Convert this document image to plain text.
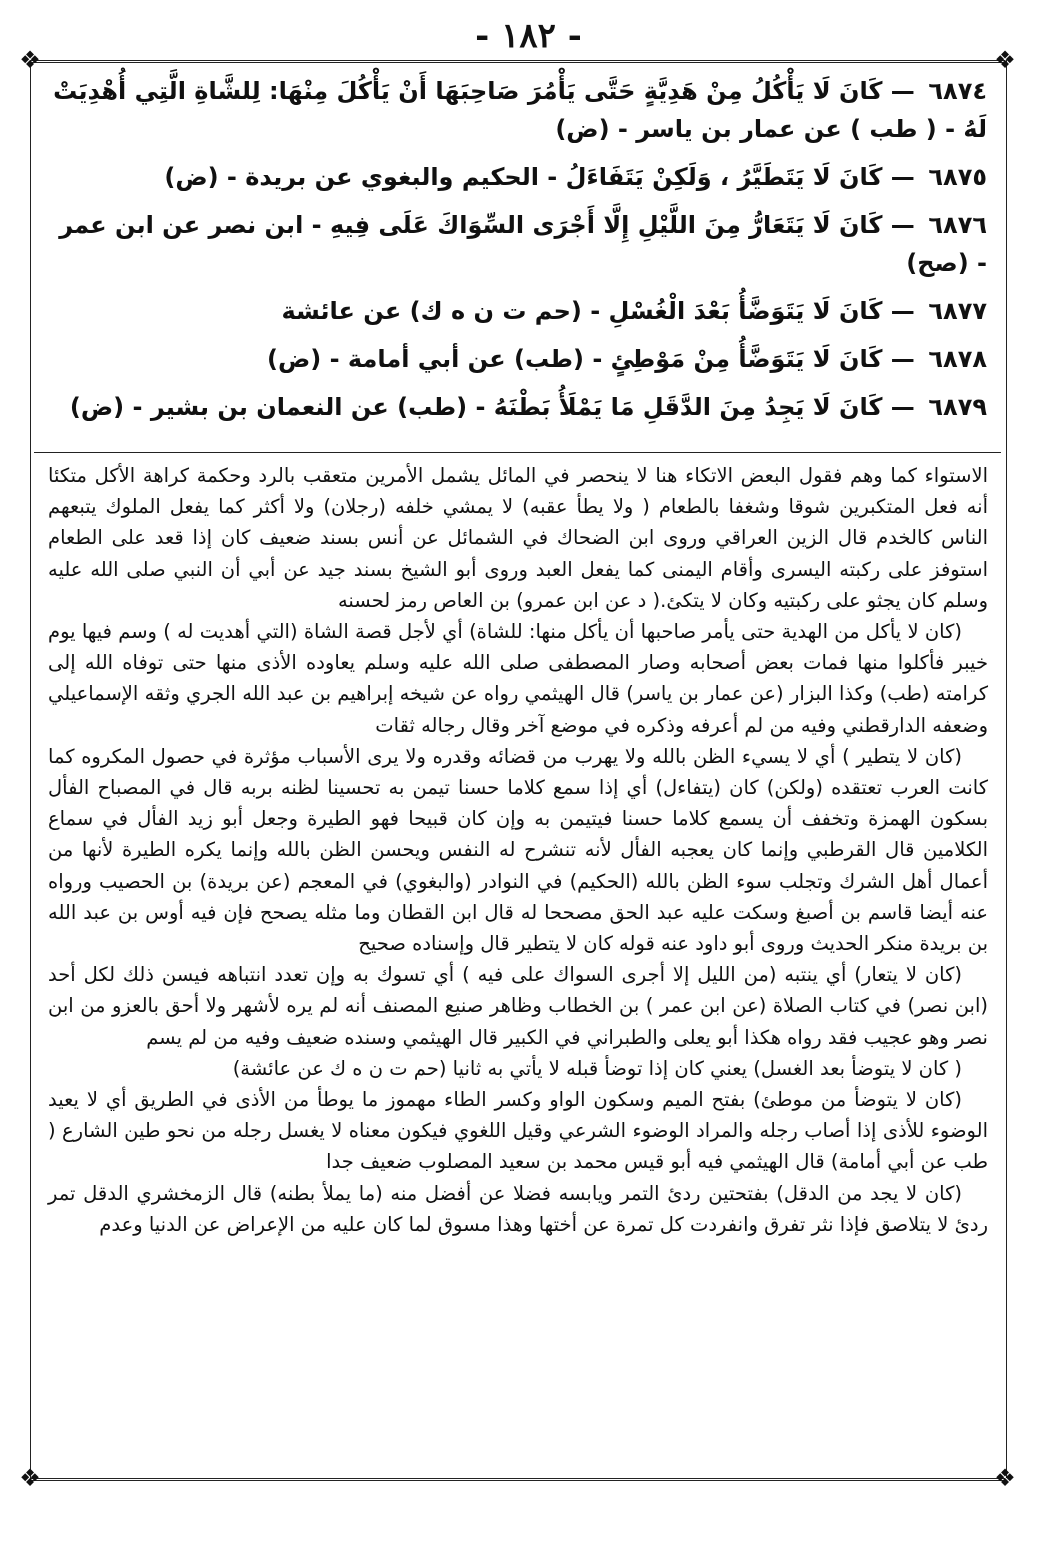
- ١٨٢ -
❖	❖
❖	❖
٦٨٧٤ — كَانَ لَا يَأْكُلُ مِنْ هَدِيَّةٍ حَتَّى يَأْمُرَ صَاحِبَهَا أَنْ يَأْكُلَ مِنْهَا: لِلشَّاةِ الَّتِي أُهْدِيَتْ لَهُ - ( طب ) عن عمار بن ياسر - (ض)
٦٨٧٥ — كَانَ لَا يَتَطَيَّرُ ، وَلَكِنْ يَتَفَاءَلُ - الحكيم والبغوي عن بريدة - (ض)
٦٨٧٦ — كَانَ لَا يَتَعَارُّ مِنَ اللَّيْلِ إِلَّا أَجْرَى السِّوَاكَ عَلَى فِيهِ - ابن نصر عن ابن عمر - (صح)
٦٨٧٧ — كَانَ لَا يَتَوَضَّأُ بَعْدَ الْغُسْلِ - (حم ت ن ه ك) عن عائشة
٦٨٧٨ — كَانَ لَا يَتَوَضَّأُ مِنْ مَوْطِئٍ - (طب) عن أبي أمامة - (ض)
٦٨٧٩ — كَانَ لَا يَجِدُ مِنَ الدَّقَلِ مَا يَمْلَأُ بَطْنَهُ - (طب) عن النعمان بن بشير - (ض)

الاستواء كما وهم فقول البعض الاتكاء هنا لا ينحصر في المائل يشمل الأمرين متعقب بالرد وحكمة كراهة الأكل متكئا أنه فعل المتكبرين شوقا وشغفا بالطعام ( ولا يطأ عقبه) لا يمشي خلفه (رجلان) ولا أكثر كما يفعل الملوك يتبعهم الناس كالخدم قال الزين العراقي وروى ابن الضحاك في الشمائل عن أنس بسند ضعيف كان إذا قعد على الطعام استوفز على ركبته اليسرى وأقام اليمنى كما يفعل العبد وروى أبو الشيخ بسند جيد عن أبي أن النبي صلى الله عليه وسلم كان يجثو على ركبتيه وكان لا يتكئ.( د عن ابن عمرو) بن العاص رمز لحسنه

(كان لا يأكل من الهدية حتى يأمر صاحبها أن يأكل منها: للشاة) أي لأجل قصة الشاة (التي أهديت له ) وسم فيها يوم خيبر فأكلوا منها فمات بعض أصحابه وصار المصطفى صلى الله عليه وسلم يعاوده الأذى منها حتى توفاه الله إلى كرامته (طب) وكذا البزار (عن عمار بن ياسر) قال الهيثمي رواه عن شيخه إبراهيم بن عبد الله الجري وثقه الإسماعيلي وضعفه الدارقطني وفيه من لم أعرفه وذكره في موضع آخر وقال رجاله ثقات

(كان لا يتطير ) أي لا يسيء الظن بالله ولا يهرب من قضائه وقدره ولا يرى الأسباب مؤثرة في حصول المكروه كما كانت العرب تعتقده (ولكن) كان (يتفاءل) أي إذا سمع كلاما حسنا تيمن به تحسينا لظنه بربه قال في المصباح الفأل بسكون الهمزة وتخفف أن يسمع كلاما حسنا فيتيمن به وإن كان قبيحا فهو الطيرة وجعل أبو زيد الفأل في سماع الكلامين قال القرطبي وإنما كان يعجبه الفأل لأنه تنشرح له النفس ويحسن الظن بالله وإنما يكره الطيرة لأنها من أعمال أهل الشرك وتجلب سوء الظن بالله (الحكيم) في النوادر (والبغوي) في المعجم (عن بريدة) بن الحصيب ورواه عنه أيضا قاسم بن أصبغ وسكت عليه عبد الحق مصححا له قال ابن القطان وما مثله يصحح فإن فيه أوس بن عبد الله بن بريدة منكر الحديث وروى أبو داود عنه قوله كان لا يتطير قال وإسناده صحيح

(كان لا يتعار) أي ينتبه (من الليل إلا أجرى السواك على فيه ) أي تسوك به وإن تعدد انتباهه فيسن ذلك لكل أحد (ابن نصر) في كتاب الصلاة (عن ابن عمر ) بن الخطاب وظاهر صنيع المصنف أنه لم يره لأشهر ولا أحق بالعزو من ابن نصر وهو عجيب فقد رواه هكذا أبو يعلى والطبراني في الكبير قال الهيثمي وسنده ضعيف وفيه من لم يسم

( كان لا يتوضأ بعد الغسل) يعني كان إذا توضأ قبله لا يأتي به ثانيا (حم ت ن ه ك عن عائشة)

(كان لا يتوضأ من موطئ) بفتح الميم وسكون الواو وكسر الطاء مهموز ما يوطأ من الأذى في الطريق أي لا يعيد الوضوء للأذى إذا أصاب رجله والمراد الوضوء الشرعي وقيل اللغوي فيكون معناه لا يغسل رجله من نحو طين الشارع ( طب عن أبي أمامة) قال الهيثمي فيه أبو قيس محمد بن سعيد المصلوب ضعيف جدا

(كان لا يجد من الدقل) بفتحتين ردئ التمر ويابسه فضلا عن أفضل منه (ما يملأ بطنه) قال الزمخشري الدقل تمر ردئ لا يتلاصق فإذا نثر تفرق وانفردت كل تمرة عن أختها وهذا مسوق لما كان عليه من الإعراض عن الدنيا وعدم
